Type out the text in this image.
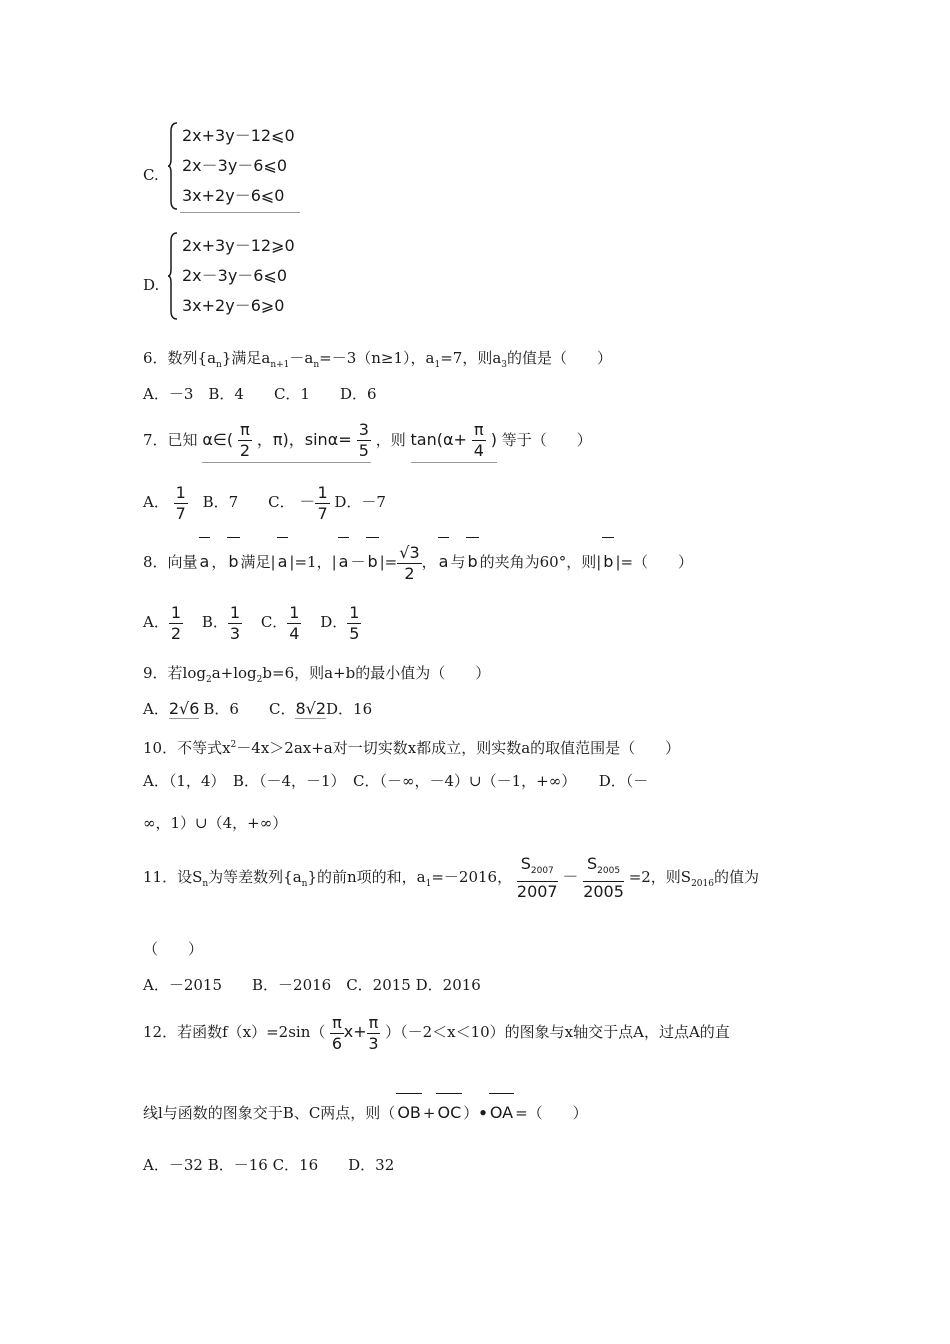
C.
2x+3y－12⩽0
2x－3y－6⩽0
3x+2y－6⩽0
D.
2x+3y－12⩾0
2x－3y－6⩽0
3x+2y－6⩾0
6．数列$\{a_n\}$满足$a_{n+1}-a_n=-3(n\ge 1)$，$a_1=7$，则$a_3$的值是（　　）
A．－3　B．4　　C．1　　D．6
7．已知 α∈( $\frac{\pi}{2}$ ，π)，$\sin\alpha= \frac{3}{5}$ ，则 $\tan(\alpha+ \frac{\pi}{4}$ ) 等于（　　）
A． $\frac{1}{7}$ B．7　　C． － $\frac{1}{7}$ D．－7
8．向量 a ， b 满足| a |=1，| a － b |= $\frac{√3}{2}$ ， a 与 b 的夹角为60°，则| b |=（　　）
A． $\frac{1}{2}$ B． $\frac{1}{3}$ C． $\frac{1}{4}$ D． $\frac{1}{5}$
9．若$\log_2a+\log_2b=6$，则a+b的最小值为（　　）
A．2√6 B．6　　C．8√2D．16
10．不等式$x^2-4x>2ax+a$对一切实数x都成立，则实数a的取值范围是（　　）
A．（1，4）　B．（－4，－1）　C．（－∞，－4）∪（－1，+∞）　　D．（－
∞，1）∪（4，+∞）
11．设$S_n$为等差数列$\{a_n\}$的前n项的和，$a_1=-2016$， $\frac{S_{2007}}{2007} - \frac{S_{2005}}{2005} =2$，则$S_{2016}$的值为
（　　）
A．－2015　　B．－2016　C．2015 D．2016
12．若函数$f(x)=2\sin( \frac{\pi}{6} x+ \frac{\pi}{3} )(-2<x<10)$的图象与x轴交于点A，过点A的直
线l与函数的图象交于B、C两点，则（ OB + OC ）• OA =（　　）
A．－32 B．－16 C．16　　D．32
